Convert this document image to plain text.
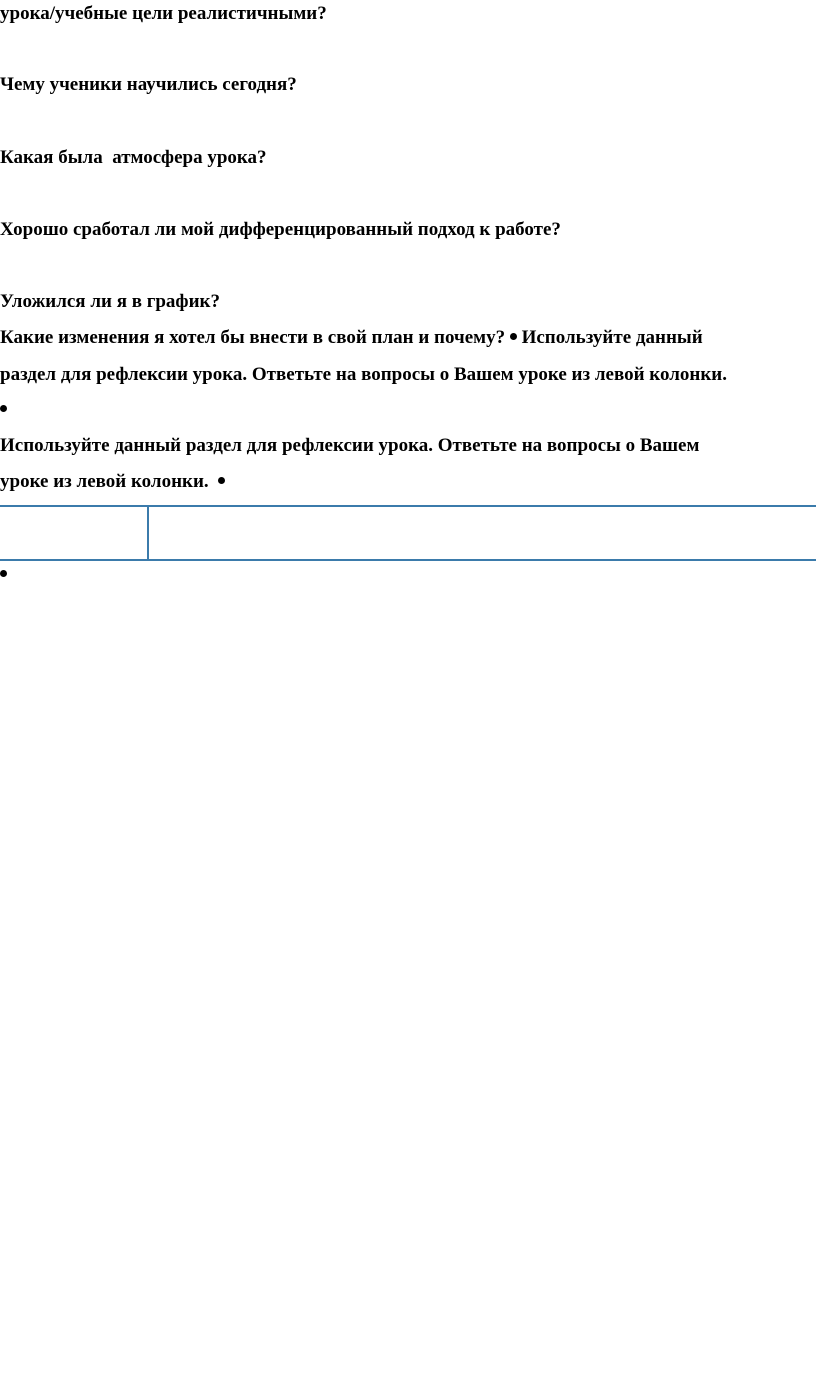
урока/учебные цели реалистичными?

Чему ученики научились сегодня?

Какая была  атмосфера урока?

Хорошо сработал ли мой дифференцированный подход к работе?

Уложился ли я в график?

Какие изменения я хотел бы внести в свой план и почему? Используйте данный

раздел для рефлексии урока. Ответьте на вопросы о Вашем уроке из левой колонки.

Используйте данный раздел для рефлексии урока. Ответьте на вопросы о Вашем

уроке из левой колонки.
